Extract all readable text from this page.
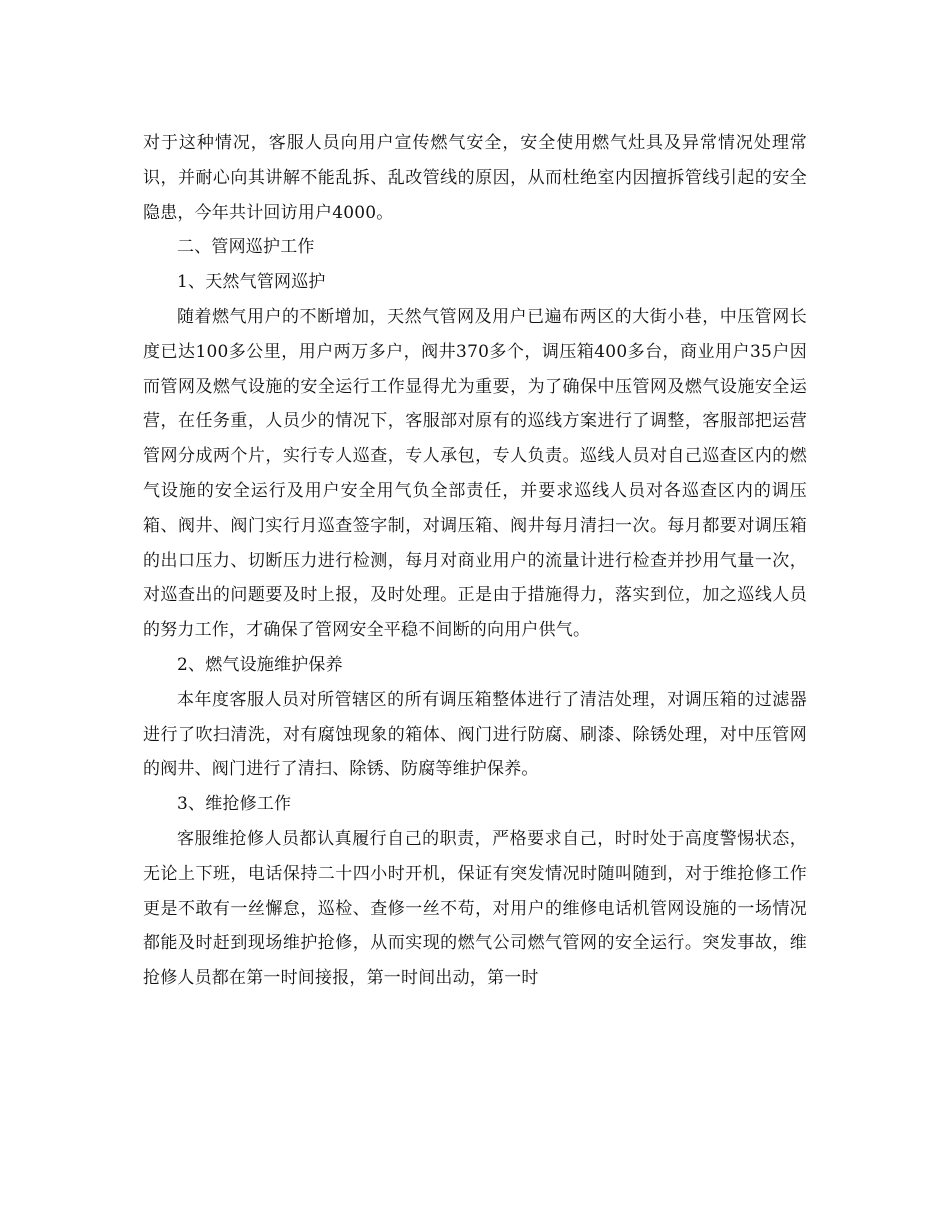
对于这种情况，客服人员向用户宣传燃气安全，安全使用燃气灶具及异常情况处理常识，并耐心向其讲解不能乱拆、乱改管线的原因，从而杜绝室内因擅拆管线引起的安全隐患，今年共计回访用户4000。

二、管网巡护工作

1、天然气管网巡护

随着燃气用户的不断增加，天然气管网及用户已遍布两区的大街小巷，中压管网长度已达100多公里，用户两万多户，阀井370多个，调压箱400多台，商业用户35户因而管网及燃气设施的安全运行工作显得尤为重要，为了确保中压管网及燃气设施安全运营，在任务重，人员少的情况下，客服部对原有的巡线方案进行了调整，客服部把运营管网分成两个片，实行专人巡查，专人承包，专人负责。巡线人员对自己巡查区内的燃气设施的安全运行及用户安全用气负全部责任，并要求巡线人员对各巡查区内的调压箱、阀井、阀门实行月巡查签字制，对调压箱、阀井每月清扫一次。每月都要对调压箱的出口压力、切断压力进行检测，每月对商业用户的流量计进行检查并抄用气量一次，对巡查出的问题要及时上报，及时处理。正是由于措施得力，落实到位，加之巡线人员的努力工作，才确保了管网安全平稳不间断的向用户供气。

2、燃气设施维护保养

本年度客服人员对所管辖区的所有调压箱整体进行了清洁处理，对调压箱的过滤器进行了吹扫清洗，对有腐蚀现象的箱体、阀门进行防腐、刷漆、除锈处理，对中压管网的阀井、阀门进行了清扫、除锈、防腐等维护保养。

3、维抢修工作

客服维抢修人员都认真履行自己的职责，严格要求自己，时时处于高度警惕状态，无论上下班，电话保持二十四小时开机，保证有突发情况时随叫随到，对于维抢修工作更是不敢有一丝懈怠，巡检、查修一丝不苟，对用户的维修电话机管网设施的一场情况都能及时赶到现场维护抢修，从而实现的燃气公司燃气管网的安全运行。突发事故，维抢修人员都在第一时间接报，第一时间出动，第一时
